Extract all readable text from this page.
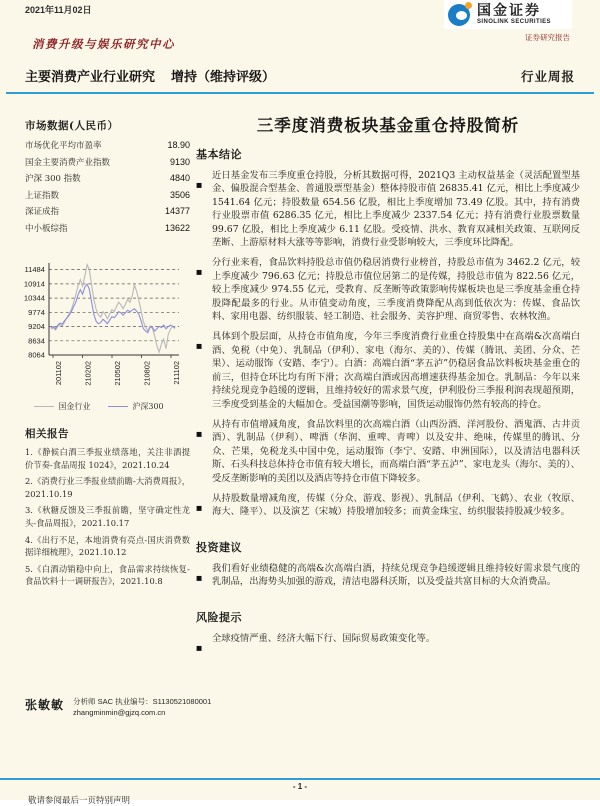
2021年11月02日	国金证券
SINOLINK SECURITIES
证券研究报告
消费升级与娱乐研究中心
主要消费产业行业研究 增持（维持评级）	行业周报
市场数据(人民币）
市场优化平均市盈率	18.90
国金主要消费产业指数	9130
沪深 300 指数	4840
上证指数	3506
深证成指	14377
中小板综指	13622
11484
10914
10344
9774
9204
8634
8064
201102	210202	210502	210802	211102
国金行业	沪深300
相关报告
1.《静候白酒三季报业绩落地，关注非酒提价节奏-食品周报 1024》，2021.10.24
2.《消费行业三季报业绩前瞻-大消费周报》，2021.10.19
3.《秋糖反馈及三季报前瞻，坚守确定性龙头-食品周报》，2021.10.17
4.《出行不足，本地消费有亮点-国庆消费数据详细梳理》，2021.10.12
5.《白酒动销稳中向上，食品需求持续恢复-食品饮料十一调研报告》，2021.10.8
三季度消费板块基金重仓持股简析
基本结论
■

近日基金发布三季度重仓持股，分析其数据可得，2021Q3 主动权益基金（灵活配置型基金、偏股混合型基金、普通股票型基金）整体持股市值 26835.41 亿元，相比上季度减少 1541.64 亿元；持股数量 654.56 亿股，相比上季度增加 73.49 亿股。其中，持有消费行业股票市值 6286.35 亿元，相比上季度减少 2337.54 亿元；持有消费行业股票数量 99.67 亿股，相比上季度减少 6.11 亿股。受疫情、洪水、教育双减相关政策、互联网反垄断、上游原材料大涨等等影响，消费行业受影响较大，三季度环比降配。

■

分行业来看，食品饮料持股总市值仍稳居消费行业榜首，持股总市值为 3462.2 亿元，较上季度减少 796.63 亿元；持股总市值位居第二的是传媒，持股总市值为 822.56 亿元，较上季度减少 974.55 亿元，受教育、反垄断等政策影响传媒板块也是三季度基金重仓持股降配最多的行业。从市值变动角度，三季度消费降配从高到低依次为：传媒、食品饮料、家用电器、纺织服装、轻工制造、社会服务、美容护理、商贸零售、农林牧渔。

■

具体到个股层面，从持仓市值角度，今年三季度消费行业重仓持股集中在高端&次高端白酒、免税（中免）、乳制品（伊利）、家电（海尔、美的）、传媒（腾讯、美团、分众、芒果）、运动服饰（安踏、李宁）。白酒：高端白酒“茅五泸”仍稳居食品饮料板块基金重仓的前三，但持仓环比均有所下滑；次高端白酒或因高增速获得基金加仓。乳制品：今年以来持续兑现竞争趋缓的逻辑，且维持较好的需求景气度，伊利股份三季报利润表现超预期，三季度受到基金的大幅加仓。受益国潮等影响，国货运动服饰仍然有较高的持仓。

■

从持有市值增减角度，食品饮料里的次高端白酒（山西汾酒、洋河股份、酒鬼酒、古井贡酒）、乳制品（伊利）、啤酒（华润、重啤、青啤）以及安井、绝味，传媒里的腾讯、分众、芒果，免税龙头中国中免，运动服饰（李宁、安踏、申洲国际），以及清洁电器科沃斯、石头科技总体持仓市值有较大增长，而高端白酒“茅五泸”、家电龙头（海尔、美的）、受反垄断影响的美团以及酒店等持仓市值下降较多。

■

从持股数量增减角度，传媒（分众、游戏、影视）、乳制品（伊利、飞鹤）、农业（牧原、海大、隆平）、以及演艺（宋城）持股增加较多；而黄金珠宝、纺织服装持股减少较多。

投资建议
■

我们看好业绩稳健的高端&次高端白酒，持续兑现竞争趋缓逻辑且维持较好需求景气度的乳制品，出海势头加强的游戏，清洁电器科沃斯，以及受益共富目标的大众消费品。

风险提示
■

全球疫情严重、经济大幅下行、国际贸易政策变化等。

张敏敏 分析师 SAC 执业编号：S1130521080001
zhangminmin@gjzq.com.cn
- 1 -
敬请参阅最后一页特别声明
